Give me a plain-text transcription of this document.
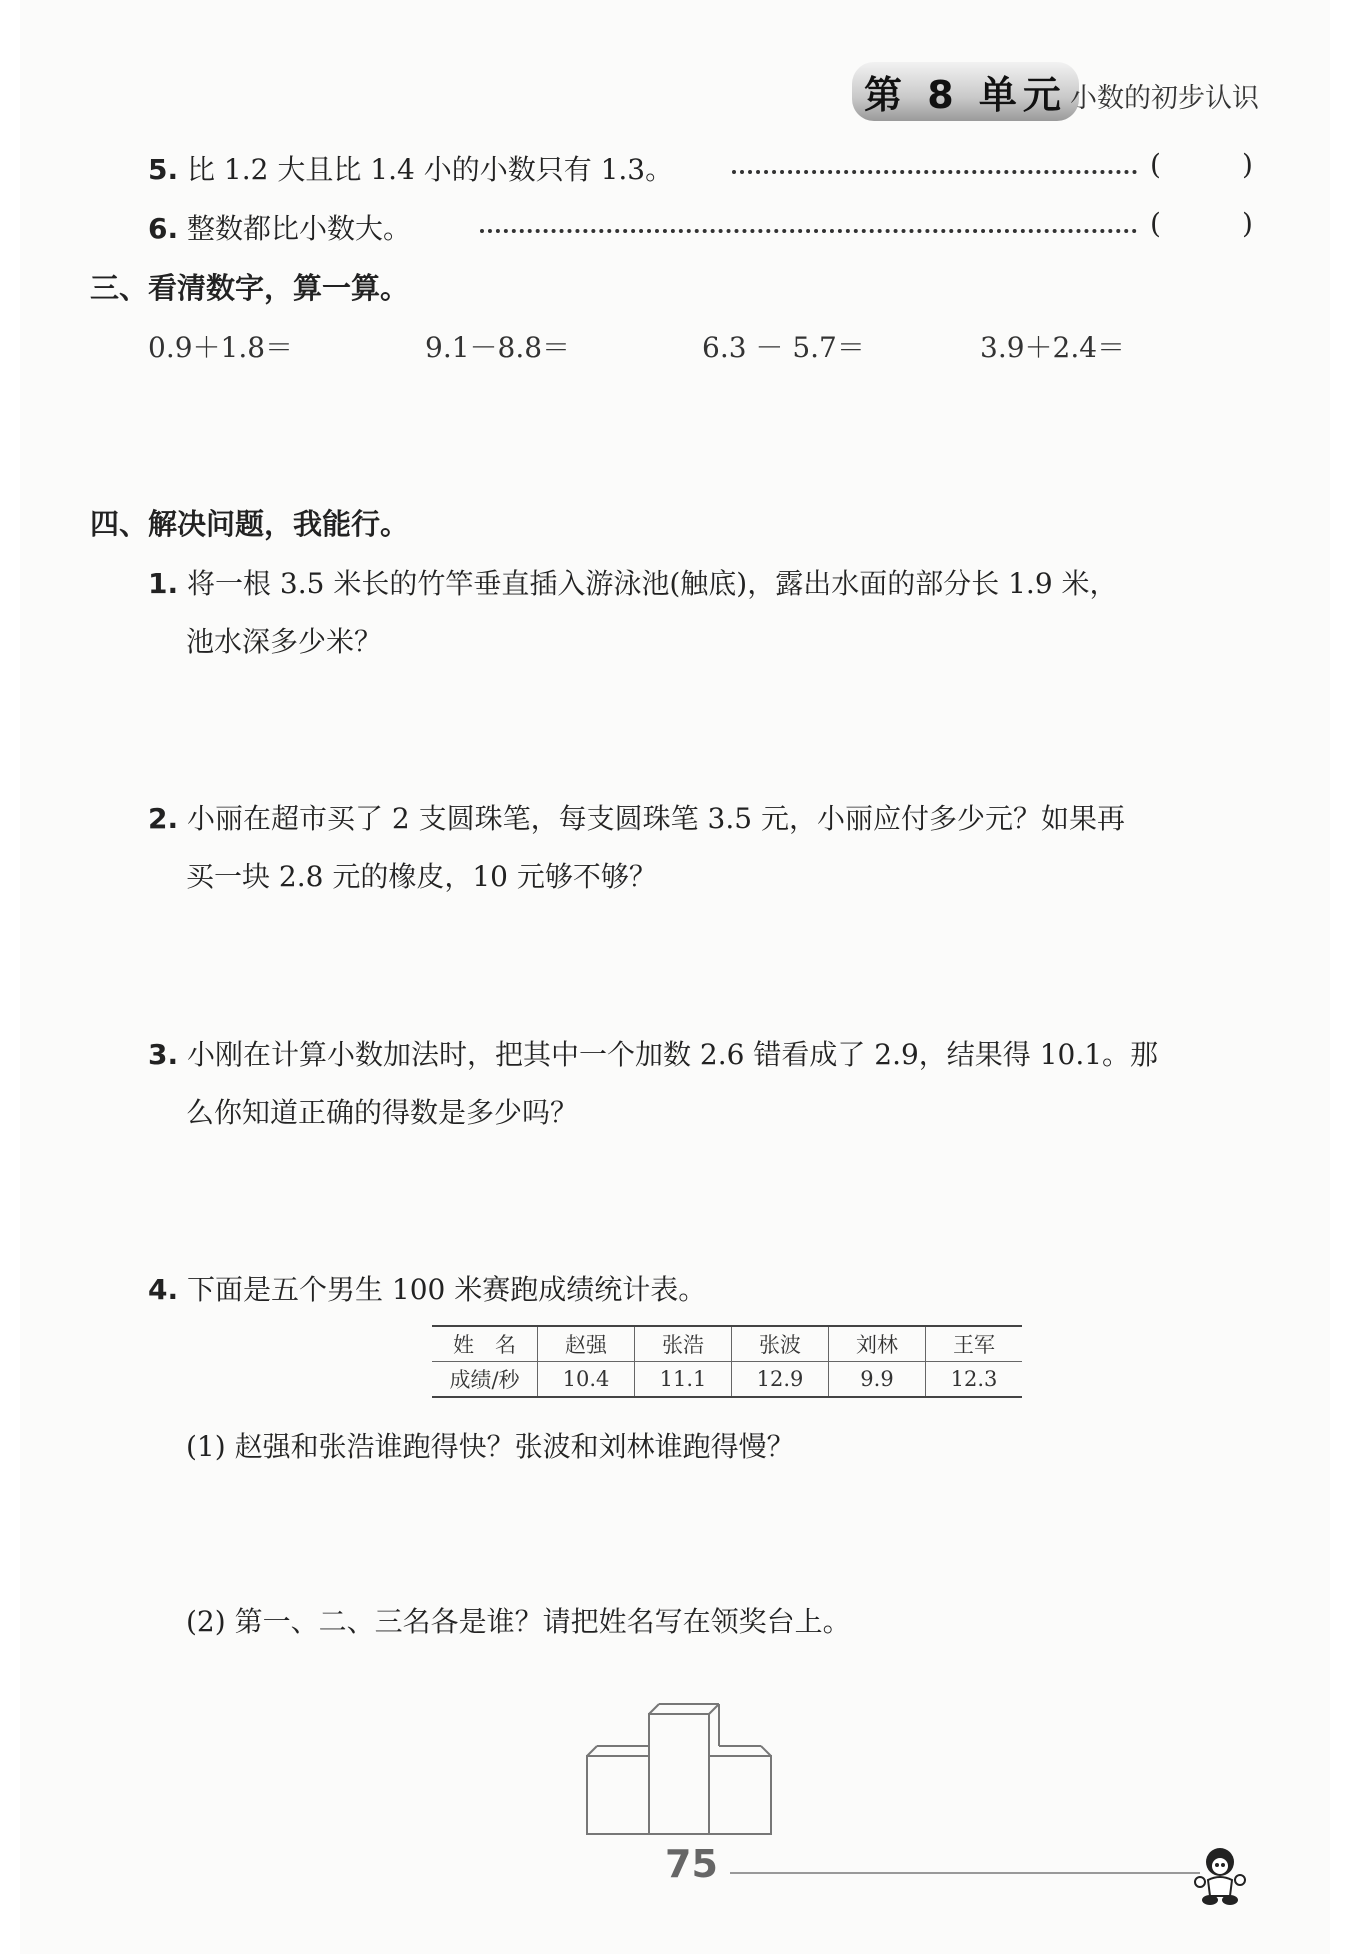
第 8 单元 小数的初步认识
5. 比 1.2 大且比 1.4 小的小数只有 1.3。	(	)
6. 整数都比小数大。	(	)
三、看清数字，算一算。
0.9＋1.8＝	9.1－8.8＝	6.3 － 5.7＝	3.9＋2.4＝
四、解决问题，我能行。
1. 将一根 3.5 米长的竹竿垂直插入游泳池(触底)，露出水面的部分长 1.9 米，
池水深多少米？
2. 小丽在超市买了 2 支圆珠笔，每支圆珠笔 3.5 元，小丽应付多少元？如果再
买一块 2.8 元的橡皮，10 元够不够？
3. 小刚在计算小数加法时，把其中一个加数 2.6 错看成了 2.9，结果得 10.1。那
么你知道正确的得数是多少吗？
4. 下面是五个男生 100 米赛跑成绩统计表。
姓　名	赵强	张浩	张波	刘林	王军
成绩/秒	10.4	11.1	12.9	9.9	12.3
(1) 赵强和张浩谁跑得快？张波和刘林谁跑得慢？
(2) 第一、二、三名各是谁？请把姓名写在领奖台上。
75
